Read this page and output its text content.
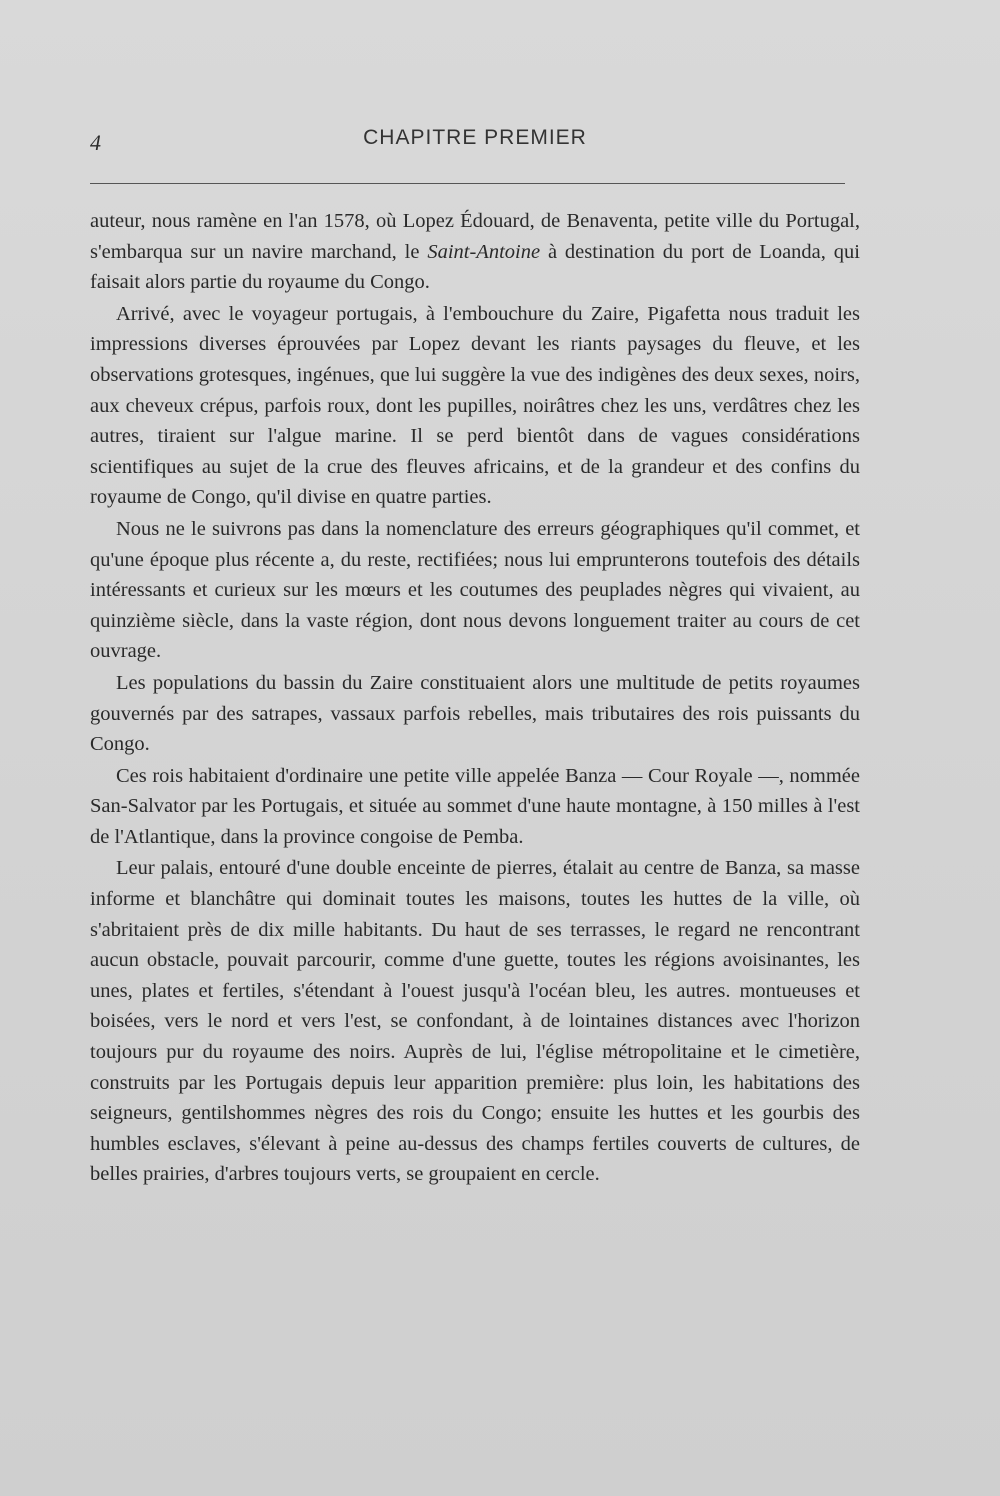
4	CHAPITRE PREMIER

auteur, nous ramène en l'an 1578, où Lopez Édouard, de Benaventa, petite ville du Portugal, s'embarqua sur un navire marchand, le Saint-Antoine à destination du port de Loanda, qui faisait alors partie du royaume du Congo.

Arrivé, avec le voyageur portugais, à l'embouchure du Zaire, Pigafetta nous traduit les impressions diverses éprouvées par Lopez devant les riants paysages du fleuve, et les observations grotesques, ingénues, que lui suggère la vue des indigènes des deux sexes, noirs, aux cheveux crépus, parfois roux, dont les pupilles, noirâtres chez les uns, verdâtres chez les autres, tiraient sur l'algue marine. Il se perd bientôt dans de vagues considérations scientifiques au sujet de la crue des fleuves africains, et de la grandeur et des confins du royaume de Congo, qu'il divise en quatre parties.

Nous ne le suivrons pas dans la nomenclature des erreurs géographiques qu'il commet, et qu'une époque plus récente a, du reste, rectifiées; nous lui emprunterons toutefois des détails intéressants et curieux sur les mœurs et les coutumes des peuplades nègres qui vivaient, au quinzième siècle, dans la vaste région, dont nous devons longuement traiter au cours de cet ouvrage.

Les populations du bassin du Zaire constituaient alors une multitude de petits royaumes gouvernés par des satrapes, vassaux parfois rebelles, mais tributaires des rois puissants du Congo.

Ces rois habitaient d'ordinaire une petite ville appelée Banza — Cour Royale —, nommée San-Salvator par les Portugais, et située au sommet d'une haute montagne, à 150 milles à l'est de l'Atlantique, dans la province congoise de Pemba.

Leur palais, entouré d'une double enceinte de pierres, étalait au centre de Banza, sa masse informe et blanchâtre qui dominait toutes les maisons, toutes les huttes de la ville, où s'abritaient près de dix mille habitants. Du haut de ses terrasses, le regard ne rencontrant aucun obstacle, pouvait parcourir, comme d'une guette, toutes les régions avoisinantes, les unes, plates et fertiles, s'étendant à l'ouest jusqu'à l'océan bleu, les autres. montueuses et boisées, vers le nord et vers l'est, se confondant, à de lointaines distances avec l'horizon toujours pur du royaume des noirs. Auprès de lui, l'église métropolitaine et le cimetière, construits par les Portugais depuis leur apparition première: plus loin, les habitations des seigneurs, gentilshommes nègres des rois du Congo; ensuite les huttes et les gourbis des humbles esclaves, s'élevant à peine au-dessus des champs fertiles couverts de cultures, de belles prairies, d'arbres toujours verts, se groupaient en cercle.
